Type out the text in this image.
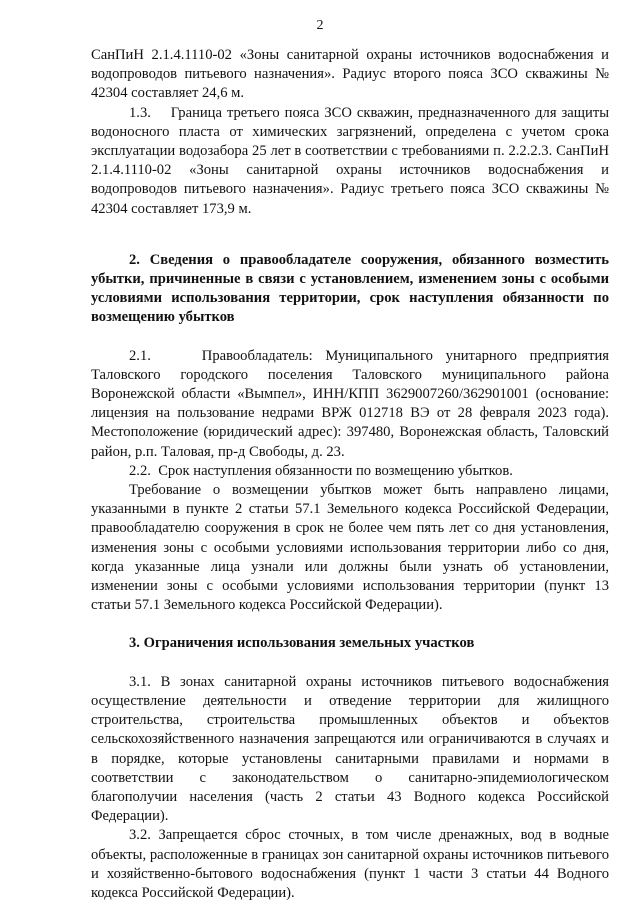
2

СанПиН 2.1.4.1110-02 «Зоны санитарной охраны источников водоснабжения и водопроводов питьевого назначения». Радиус второго пояса ЗСО скважины № 42304 составляет 24,6 м.

1.3.    Граница третьего пояса ЗСО скважин, предназначенного для защиты водоносного пласта от химических загрязнений, определена с учетом срока эксплуатации водозабора 25 лет в соответствии с требованиями п. 2.2.2.3. СанПиН 2.1.4.1110-02 «Зоны санитарной охраны источников водоснабжения и водопроводов питьевого назначения». Радиус третьего пояса ЗСО скважины № 42304 составляет 173,9 м.

2. Сведения о правообладателе сооружения, обязанного возместить убытки, причиненные в связи с установлением, изменением зоны с особыми условиями использования территории, срок наступления обязанности по возмещению убытков

2.1.    Правообладатель: Муниципального унитарного предприятия Таловского городского поселения Таловского муниципального района Воронежской области «Вымпел», ИНН/КПП 3629007260/362901001 (основание: лицензия на пользование недрами ВРЖ 012718 ВЭ от 28 февраля 2023 года). Местоположение (юридический адрес): 397480, Воронежская область, Таловский район, р.п. Таловая, пр-д Свободы, д. 23.

2.2.  Срок наступления обязанности по возмещению убытков.

Требование о возмещении убытков может быть направлено лицами, указанными в пункте 2 статьи 57.1 Земельного кодекса Российской Федерации, правообладателю сооружения в срок не более чем пять лет со дня установления, изменения зоны с особыми условиями использования территории либо со дня, когда указанные лица узнали или должны были узнать об установлении, изменении зоны с особыми условиями использования территории (пункт 13 статьи 57.1 Земельного кодекса Российской Федерации).

3. Ограничения использования земельных участков

3.1. В зонах санитарной охраны источников питьевого водоснабжения осуществление деятельности и отведение территории для жилищного строительства, строительства промышленных объектов и объектов сельскохозяйственного назначения запрещаются или ограничиваются в случаях и в порядке, которые установлены санитарными правилами и нормами в соответствии с законодательством о санитарно-эпидемиологическом благополучии населения (часть 2 статьи 43 Водного кодекса Российской Федерации).

3.2. Запрещается сброс сточных, в том числе дренажных, вод в водные объекты, расположенные в границах зон санитарной охраны источников питьевого и хозяйственно-бытового водоснабжения (пункт 1 части 3 статьи 44 Водного кодекса Российской Федерации).
